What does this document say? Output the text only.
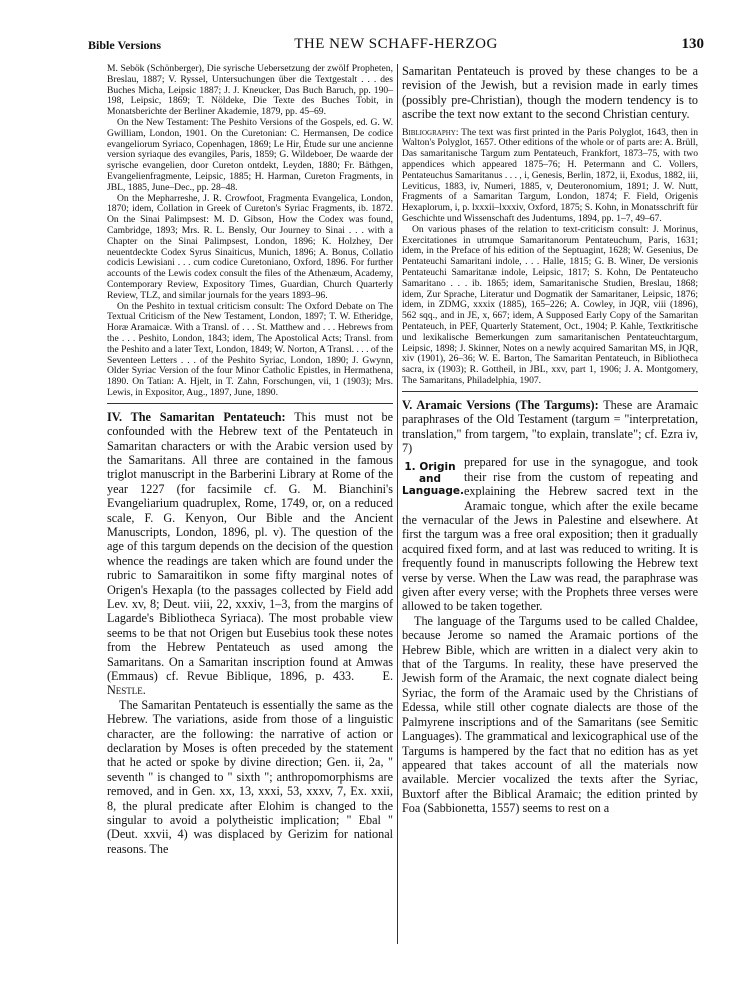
Bible Versions	THE NEW SCHAFF-HERZOG	130

M. Sebök (Schönberger), Die syrische Uebersetzung der zwölf Propheten, Breslau, 1887; V. Ryssel, Untersuchungen über die Textgestalt . . . des Buches Micha, Leipsic 1887; J. J. Kneucker, Das Buch Baruch, pp. 190–198, Leipsic, 1869; T. Nöldeke, Die Texte des Buches Tobit, in Monatsberichte der Berliner Akademie, 1879, pp. 45–69.

On the New Testament: The Peshito Versions of the Gospels, ed. G. W. Gwilliam, London, 1901. On the Curetonian: C. Hermansen, De codice evangeliorum Syriaco, Copenhagen, 1869; Le Hir, Étude sur une ancienne version syriaque des evangiles, Paris, 1859; G. Wildeboer, De waarde der syrische evangelien, door Cureton ontdekt, Leyden, 1880; Fr. Bäthgen, Evangelienfragmente, Leipsic, 1885; H. Harman, Cureton Fragments, in JBL, 1885, June–Dec., pp. 28–48.

On the Mepharreshe, J. R. Crowfoot, Fragmenta Evangelica, London, 1870; idem, Collation in Greek of Cureton's Syriac Fragments, ib. 1872. On the Sinai Palimpsest: M. D. Gibson, How the Codex was found, Cambridge, 1893; Mrs. R. L. Bensly, Our Journey to Sinai . . . with a Chapter on the Sinai Palimpsest, London, 1896; K. Holzhey, Der neuentdeckte Codex Syrus Sinaiticus, Munich, 1896; A. Bonus, Collatio codicis Lewisiani . . . cum codice Curetoniano, Oxford, 1896. For further accounts of the Lewis codex consult the files of the Athenæum, Academy, Contemporary Review, Expository Times, Guardian, Church Quarterly Review, TLZ, and similar journals for the years 1893–96.

On the Peshito in textual criticism consult: The Oxford Debate on The Textual Criticism of the New Testament, London, 1897; T. W. Etheridge, Horæ Aramaicæ. With a Transl. of . . . St. Matthew and . . . Hebrews from the . . . Peshito, London, 1843; idem, The Apostolical Acts; Transl. from the Peshito and a later Text, London, 1849; W. Norton, A Transl. . . . of the Seventeen Letters . . . of the Peshito Syriac, London, 1890; J. Gwynn, Older Syriac Version of the four Minor Catholic Epistles, in Hermathena, 1890. On Tatian: A. Hjelt, in T. Zahn, Forschungen, vii, 1 (1903); Mrs. Lewis, in Expositor, Aug., 1897, June, 1890.

IV. The Samaritan Pentateuch: This must not be confounded with the Hebrew text of the Pentateuch in Samaritan characters or with the Arabic version used by the Samaritans. All three are contained in the famous triglot manuscript in the Barberini Library at Rome of the year 1227 (for facsimile cf. G. M. Bianchini's Evangeliarium quadruplex, Rome, 1749, or, on a reduced scale, F. G. Kenyon, Our Bible and the Ancient Manuscripts, London, 1896, pl. v). The question of the age of this targum depends on the decision of the question whence the readings are taken which are found under the rubric to Samaraitikon in some fifty marginal notes of Origen's Hexapla (to the passages collected by Field add Lev. xv, 8; Deut. viii, 22, xxxiv, 1–3, from the margins of Lagarde's Bibliotheca Syriaca). The most probable view seems to be that not Origen but Eusebius took these notes from the Hebrew Pentateuch as used among the Samaritans. On a Samaritan inscription found at Amwas (Emmaus) cf. Revue Biblique, 1896, p. 433. E. Nestle.

The Samaritan Pentateuch is essentially the same as the Hebrew. The variations, aside from those of a linguistic character, are the following: the narrative of action or declaration by Moses is often preceded by the statement that he acted or spoke by divine direction; Gen. ii, 2a, " seventh " is changed to " sixth "; anthropomorphisms are removed, and in Gen. xx, 13, xxxi, 53, xxxv, 7, Ex. xxii, 8, the plural predicate after Elohim is changed to the singular to avoid a polytheistic implication; " Ebal " (Deut. xxvii, 4) was displaced by Gerizim for national reasons. The

Samaritan Pentateuch is proved by these changes to be a revision of the Jewish, but a revision made in early times (possibly pre-Christian), though the modern tendency is to ascribe the text now extant to the second Christian century.

Bibliography: The text was first printed in the Paris Polyglot, 1643, then in Walton's Polyglot, 1657. Other editions of the whole or of parts are: A. Brüll, Das samaritanische Targum zum Pentateuch, Frankfort, 1873–75, with two appendices which appeared 1875–76; H. Petermann and C. Vollers, Pentateuchus Samaritanus . . . , i, Genesis, Berlin, 1872, ii, Exodus, 1882, iii, Leviticus, 1883, iv, Numeri, 1885, v, Deuteronomium, 1891; J. W. Nutt, Fragments of a Samaritan Targum, London, 1874; F. Field, Origenis Hexaplorum, i, p. lxxxii–lxxxiv, Oxford, 1875; S. Kohn, in Monatsschrift für Geschichte und Wissenschaft des Judentums, 1894, pp. 1–7, 49–67.

On various phases of the relation to text-criticism consult: J. Morinus, Exercitationes in utrumque Samaritanorum Pentateuchum, Paris, 1631; idem, in the Preface of his edition of the Septuagint, 1628; W. Gesenius, De Pentateuchi Samaritani indole, . . . Halle, 1815; G. B. Winer, De versionis Pentateuchi Samaritanæ indole, Leipsic, 1817; S. Kohn, De Pentateucho Samaritano . . . ib. 1865; idem, Samaritanische Studien, Breslau, 1868; idem, Zur Sprache, Literatur und Dogmatik der Samaritaner, Leipsic, 1876; idem, in ZDMG, xxxix (1885), 165–226; A. Cowley, in JQR, viii (1896), 562 sqq., and in JE, x, 667; idem, A Supposed Early Copy of the Samaritan Pentateuch, in PEF, Quarterly Statement, Oct., 1904; P. Kahle, Textkritische und lexikalische Bemerkungen zum samaritanischen Pentateuchtargum, Leipsic, 1898; J. Skinner, Notes on a newly acquired Samaritan MS, in JQR, xiv (1901), 26–36; W. E. Barton, The Samaritan Pentateuch, in Bibliotheca sacra, ix (1903); R. Gottheil, in JBL, xxv, part 1, 1906; J. A. Montgomery, The Samaritans, Philadelphia, 1907.

V. Aramaic Versions (The Targums): These are Aramaic paraphrases of the Old Testament (targum = "interpretation, translation," from targem, "to explain, translate"; cf. Ezra iv, 7)

1. Origin and Language.

prepared for use in the synagogue, and took their rise from the custom of repeating and explaining the Hebrew sacred text in the Aramaic tongue, which after the exile became the vernacular of the Jews in Palestine and elsewhere. At first the targum was a free oral exposition; then it gradually acquired fixed form, and at last was reduced to writing. It is frequently found in manuscripts following the Hebrew text verse by verse. When the Law was read, the paraphrase was given after every verse; with the Prophets three verses were allowed to be taken together.

The language of the Targums used to be called Chaldee, because Jerome so named the Aramaic portions of the Hebrew Bible, which are written in a dialect very akin to that of the Targums. In reality, these have preserved the Jewish form of the Aramaic, the next cognate dialect being Syriac, the form of the Aramaic used by the Christians of Edessa, while still other cognate dialects are those of the Palmyrene inscriptions and of the Samaritans (see Semitic Languages). The grammatical and lexicographical use of the Targums is hampered by the fact that no edition has as yet appeared that takes account of all the materials now available. Mercier vocalized the texts after the Syriac, Buxtorf after the Biblical Aramaic; the edition printed by Foa (Sabbionetta, 1557) seems to rest on a
